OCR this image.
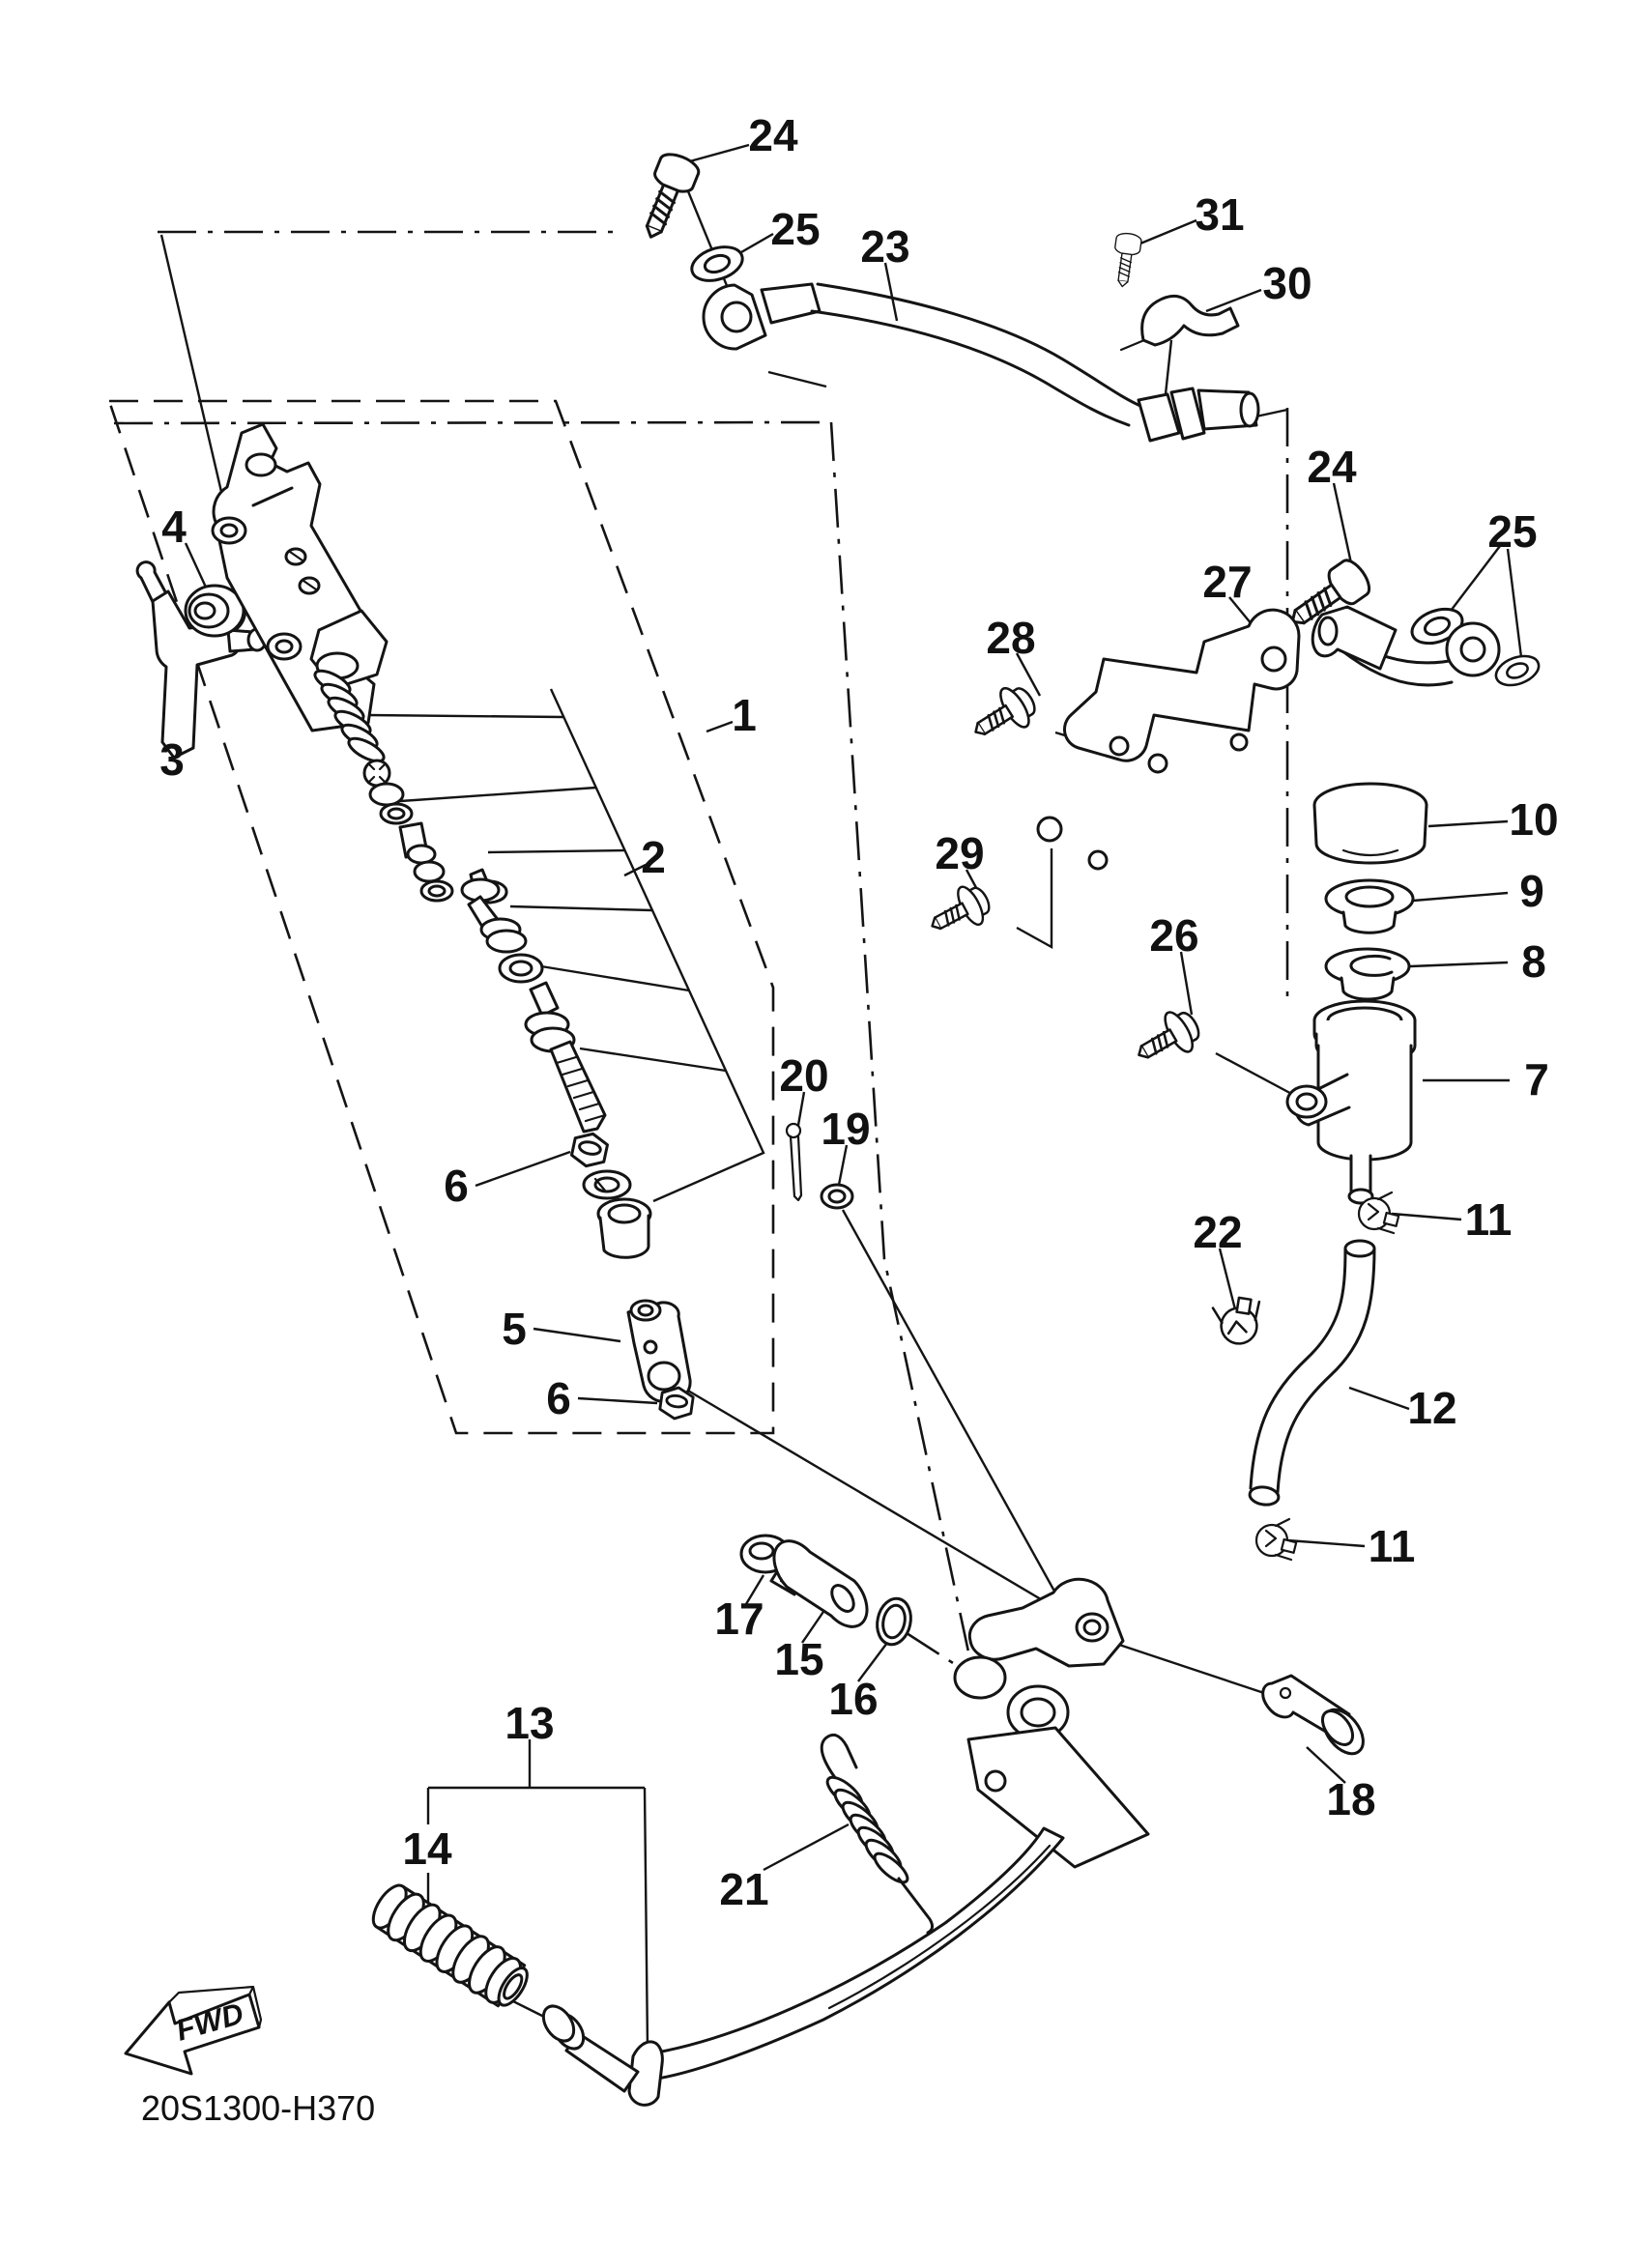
24
25 23
31
30
24
25
4
3
1
2
28
27
29
26
10
9
8
7
20
19
6
5
6
22	11
12
11
17
15
16
13
14
21
18
FWD
20S1300-H370
